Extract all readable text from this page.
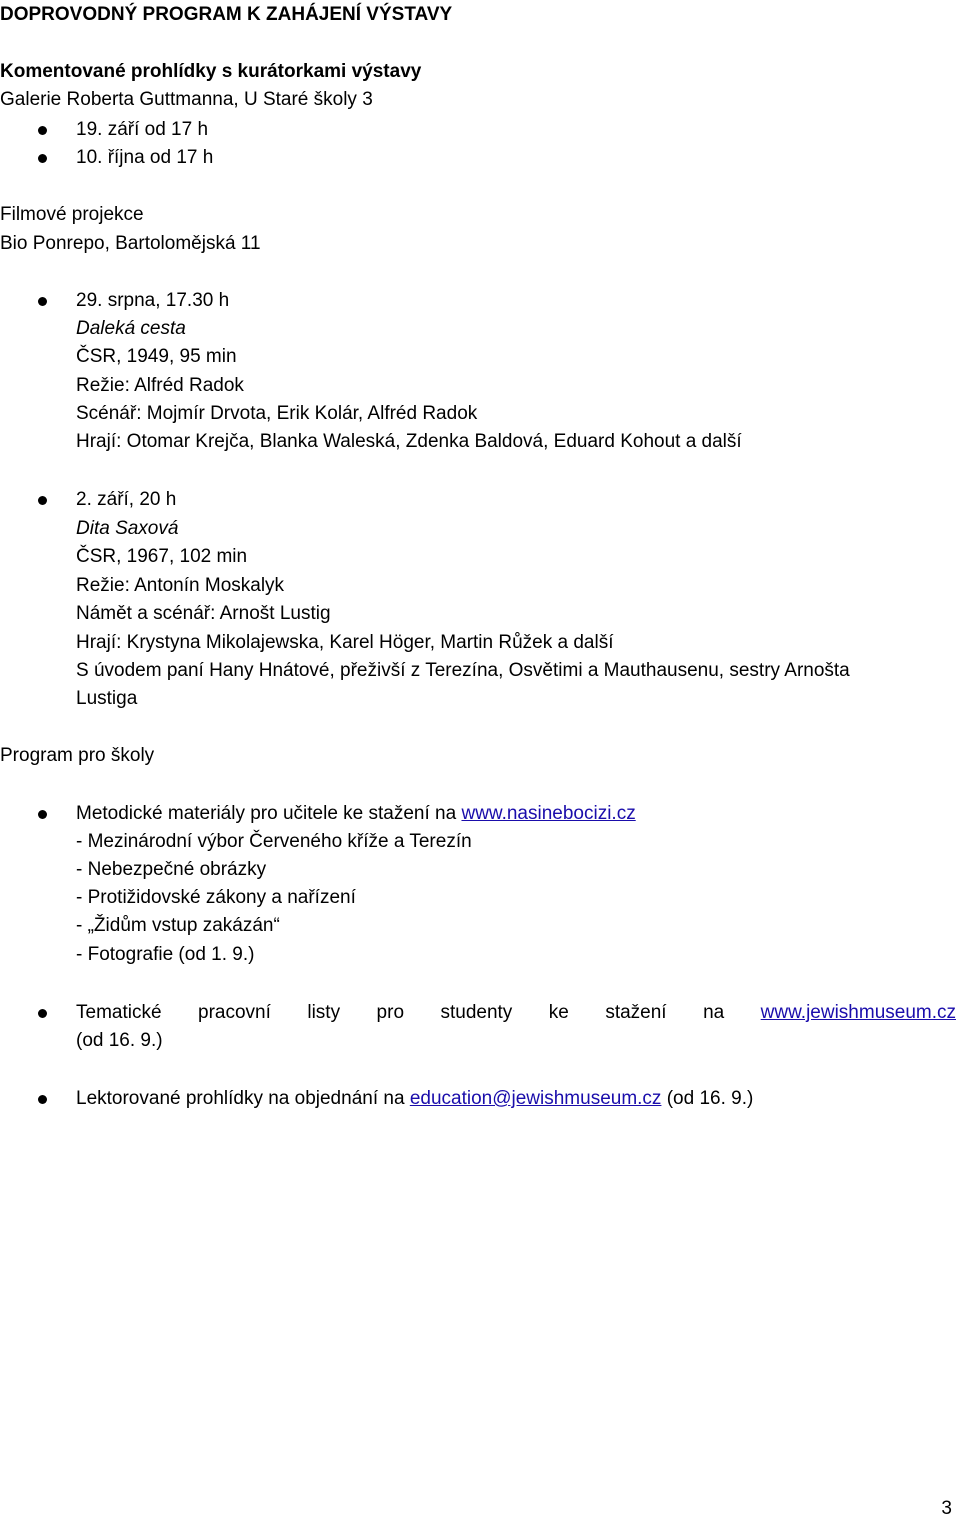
DOPROVODNÝ PROGRAM K ZAHÁJENÍ VÝSTAVY
Komentované prohlídky s kurátorkami výstavy
Galerie Roberta Guttmanna, U Staré školy 3
19. září od 17 h
10. října od 17 h
Filmové projekce
Bio Ponrepo, Bartolomějská 11
29. srpna, 17.30 h
Daleká cesta
ČSR, 1949, 95 min
Režie: Alfréd Radok
Scénář: Mojmír Drvota, Erik Kolár, Alfréd Radok
Hrají: Otomar Krejča, Blanka Waleská, Zdenka Baldová, Eduard Kohout a další
2. září, 20 h
Dita Saxová
ČSR, 1967, 102 min
Režie: Antonín Moskalyk
Námět a scénář: Arnošt Lustig
Hrají: Krystyna Mikolajewska, Karel Höger, Martin Růžek a další
S úvodem paní Hany Hnátové, přeživší z Terezína, Osvětimi a Mauthausenu, sestry Arnošta
Lustiga
Program pro školy
Metodické materiály pro učitele ke stažení na www.nasinebocizi.cz
- Mezinárodní výbor Červeného kříže a Terezín
- Nebezpečné obrázky
- Protižidovské zákony a nařízení
- „Židům vstup zakázán“
- Fotografie (od 1. 9.)
Tematické pracovní listy pro studenty ke stažení na www.jewishmuseum.cz
(od 16. 9.)
Lektorované prohlídky na objednání na education@jewishmuseum.cz (od 16. 9.)
3
